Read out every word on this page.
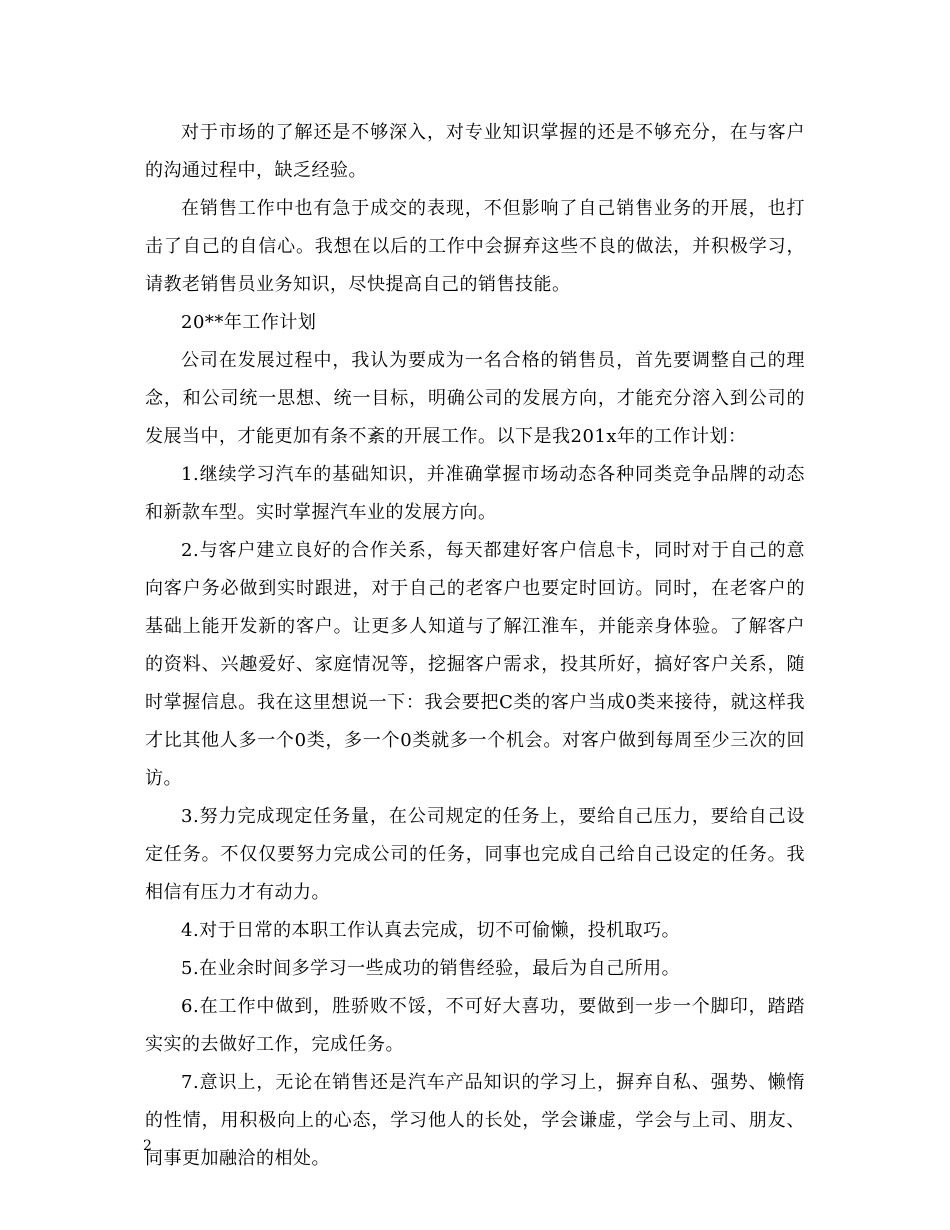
对于市场的了解还是不够深入，对专业知识掌握的还是不够充分，在与客户的沟通过程中，缺乏经验。

在销售工作中也有急于成交的表现，不但影响了自己销售业务的开展，也打击了自己的自信心。我想在以后的工作中会摒弃这些不良的做法，并积极学习，请教老销售员业务知识，尽快提高自己的销售技能。

20**年工作计划

公司在发展过程中，我认为要成为一名合格的销售员，首先要调整自己的理念，和公司统一思想、统一目标，明确公司的发展方向，才能充分溶入到公司的发展当中，才能更加有条不紊的开展工作。以下是我201x年的工作计划：

1.继续学习汽车的基础知识，并准确掌握市场动态各种同类竞争品牌的动态和新款车型。实时掌握汽车业的发展方向。

2.与客户建立良好的合作关系，每天都建好客户信息卡，同时对于自己的意向客户务必做到实时跟进，对于自己的老客户也要定时回访。同时，在老客户的基础上能开发新的客户。让更多人知道与了解江淮车，并能亲身体验。了解客户的资料、兴趣爱好、家庭情况等，挖掘客户需求，投其所好，搞好客户关系，随时掌握信息。我在这里想说一下：我会要把C类的客户当成0类来接待，就这样我才比其他人多一个0类，多一个0类就多一个机会。对客户做到每周至少三次的回访。

3.努力完成现定任务量，在公司规定的任务上，要给自己压力，要给自己设定任务。不仅仅要努力完成公司的任务，同事也完成自己给自己设定的任务。我相信有压力才有动力。

4.对于日常的本职工作认真去完成，切不可偷懒，投机取巧。

5.在业余时间多学习一些成功的销售经验，最后为自己所用。

6.在工作中做到，胜骄败不馁，不可好大喜功，要做到一步一个脚印，踏踏实实的去做好工作，完成任务。

7.意识上，无论在销售还是汽车产品知识的学习上，摒弃自私、强势、懒惰的性情，用积极向上的心态，学习他人的长处，学会谦虚，学会与上司、朋友、同事更加融洽的相处。

2
